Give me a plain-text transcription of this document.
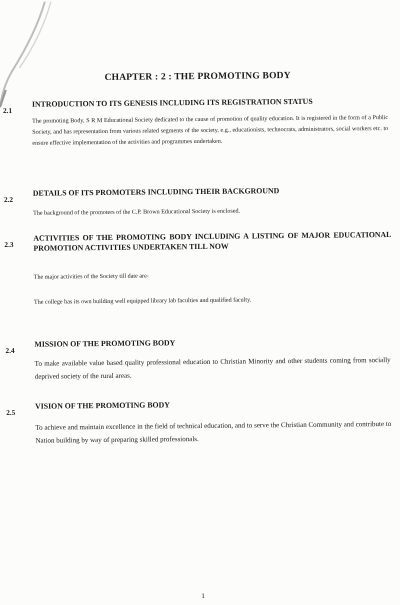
CHAPTER : 2 : THE PROMOTING BODY
2.1
INTRODUCTION TO ITS GENESIS INCLUDING ITS REGISTRATION STATUS
The promoting Body, S R M Educational Society dedicated to the cause of promotion of quality education. It is registered in the form of a Public Society, and has representation from various related segments of the society, e.g., educationists, technocrats, administrators, social workers etc. to ensure effective implementation of the activities and programmes undertaken.
2.2
DETAILS OF ITS PROMOTERS INCLUDING THEIR BACKGROUND
The background of the promoters of the C.P. Brown Educational Society is enclosed.
2.3
ACTIVITIES OF THE PROMOTING BODY INCLUDING A LISTING OF MAJOR EDUCATIONAL PROMOTION ACTIVITIES UNDERTAKEN TILL NOW
The major activities of the Society till date are-
The college has its own building well equipped library lab faculties and qualified faculty.
2.4
MISSION OF THE PROMOTING BODY
To make available value based quality professional education to Christian Minority and other students coming from socially deprived society of the rural areas.
2.5
VISION OF THE PROMOTING BODY
To achieve and maintain excellence in the field of technical education, and to serve the Christian Community and contribute to Nation building by way of preparing skilled professionals.
1
